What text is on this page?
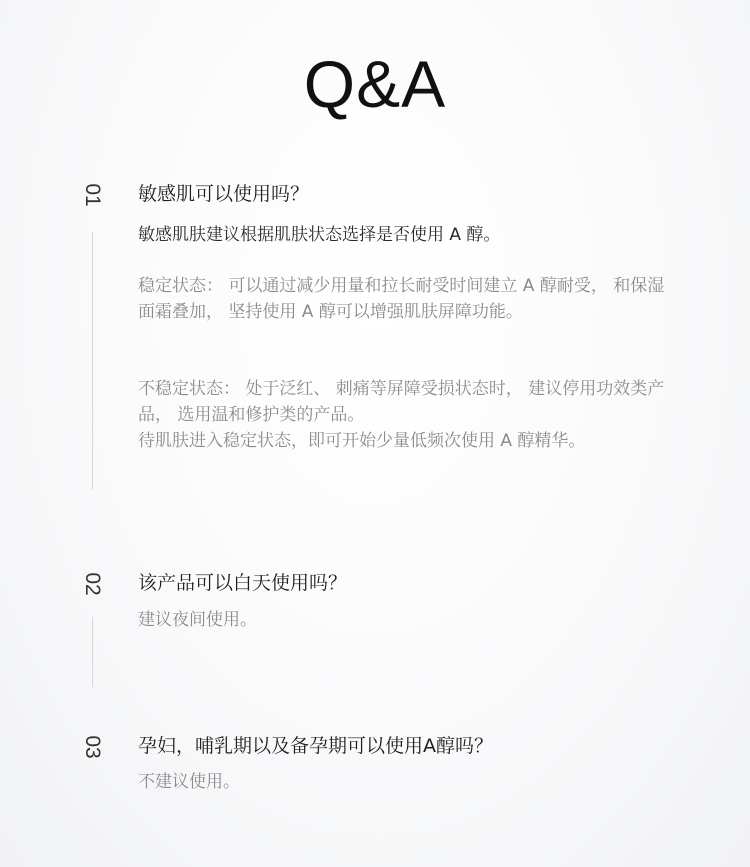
Q&A
01 敏感肌可以使用吗？
敏感肌肤建议根据肌肤状态选择是否使用 A 醇。

稳定状态： 可以通过减少用量和拉长耐受时间建立 A 醇耐受， 和保湿面霜叠加， 坚持使用 A 醇可以增强肌肤屏障功能。

不稳定状态： 处于泛红、 刺痛等屏障受损状态时， 建议停用功效类产品， 选用温和修护类的产品。

待肌肤进入稳定状态，即可开始少量低频次使用 A 醇精华。

02 该产品可以白天使用吗？
建议夜间使用。
03 孕妇，哺乳期以及备孕期可以使用A醇吗？
不建议使用。
